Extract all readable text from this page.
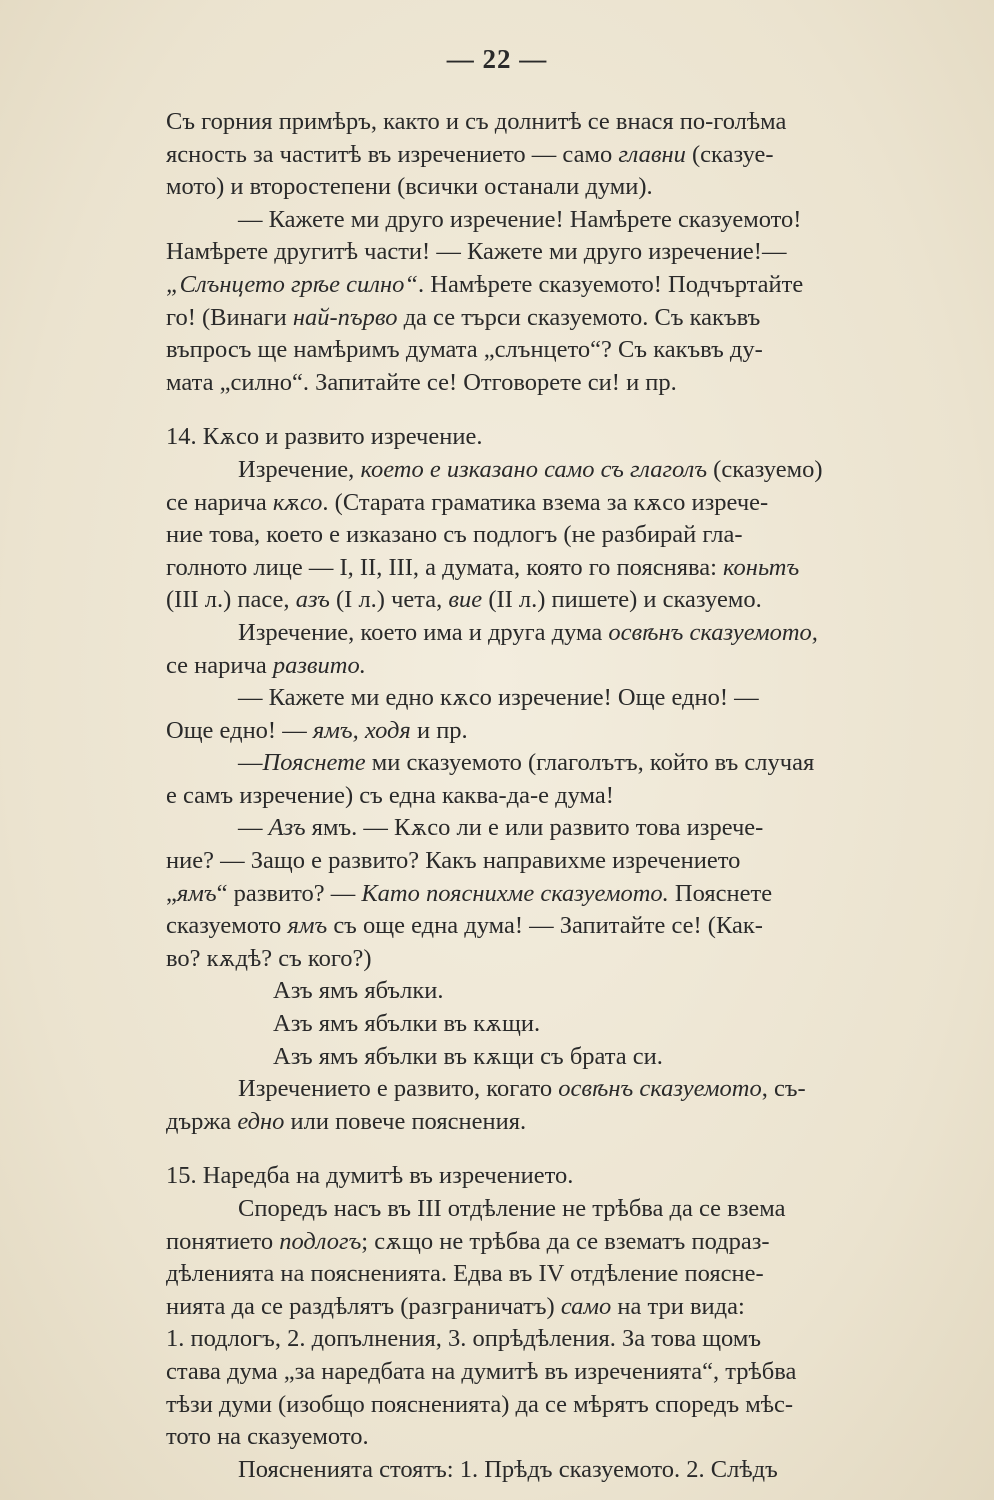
— 22 —

Съ горния примѣръ, както и съ долнитѣ се внася по-голѣма
ясность за частитѣ въ изречението — само главни (сказуе-
мото) и второстепени (всички останали думи).

— Кажете ми друго изречение! Намѣрете сказуемото!
Намѣрете другитѣ части! — Кажете ми друго изречение!—
„Слънцето грѣе силно“. Намѣрете сказуемото! Подчъртайте
го! (Винаги най-първо да се търси сказуемото. Съ какъвъ
въпросъ ще намѣримъ думата „слънцето“? Съ какъвъ ду-
мата „силно“. Запитайте се! Отговорете си! и пр.

14. Кѫсо и развито изречение.

Изречение, което е изказано само съ глаголъ (сказуемо)
се нарича кѫсо. (Старата граматика взема за кѫсо изрече-
ние това, което е изказано съ подлогъ (не разбирай гла-
голното лице — I, II, III, а думата, която го пояснява: коньтъ
(III л.) пасе, азъ (I л.) чета, вие (II л.) пишете) и сказуемо.

Изречение, което има и друга дума освѣнъ сказуемото,
се нарича развито.

— Кажете ми едно кѫсо изречение! Още едно! —
Още едно! — ямъ, ходя и пр.

—Пояснете ми сказуемото (глаголътъ, който въ случая
е самъ изречение) съ една каква-да-е дума!

— Азъ ямъ. — Кѫсо ли е или развито това изрече-
ние? — Защо е развито? Какъ направихме изречението
„ямъ“ развито? — Като пояснихме сказуемото. Пояснете
сказуемото ямъ съ още една дума! — Запитайте се! (Как-
во? кѫдѣ? съ кого?)

Азъ ямъ ябълки.

Азъ ямъ ябълки въ кѫщи.

Азъ ямъ ябълки въ кѫщи съ брата си.

Изречението е развито, когато освѣнъ сказуемото, съ-
държа едно или повече пояснения.

15. Наредба на думитѣ въ изречението.

Споредъ насъ въ III отдѣление не трѣбва да се взема
понятието подлогъ; сѫщо не трѣбва да се взематъ подраз-
дѣленията на поясненията. Едва въ IV отдѣление поясне-
нията да се раздѣлятъ (разграничатъ) само на три вида:
1. подлогъ, 2. допълнения, 3. опрѣдѣления. За това щомъ
става дума „за наредбата на думитѣ въ изреченията“, трѣбва
тѣзи думи (изобщо поясненията) да се мѣрятъ споредъ мѣс-
тото на сказуемото.

Поясненията стоятъ: 1. Прѣдъ сказуемото. 2. Слѣдъ
